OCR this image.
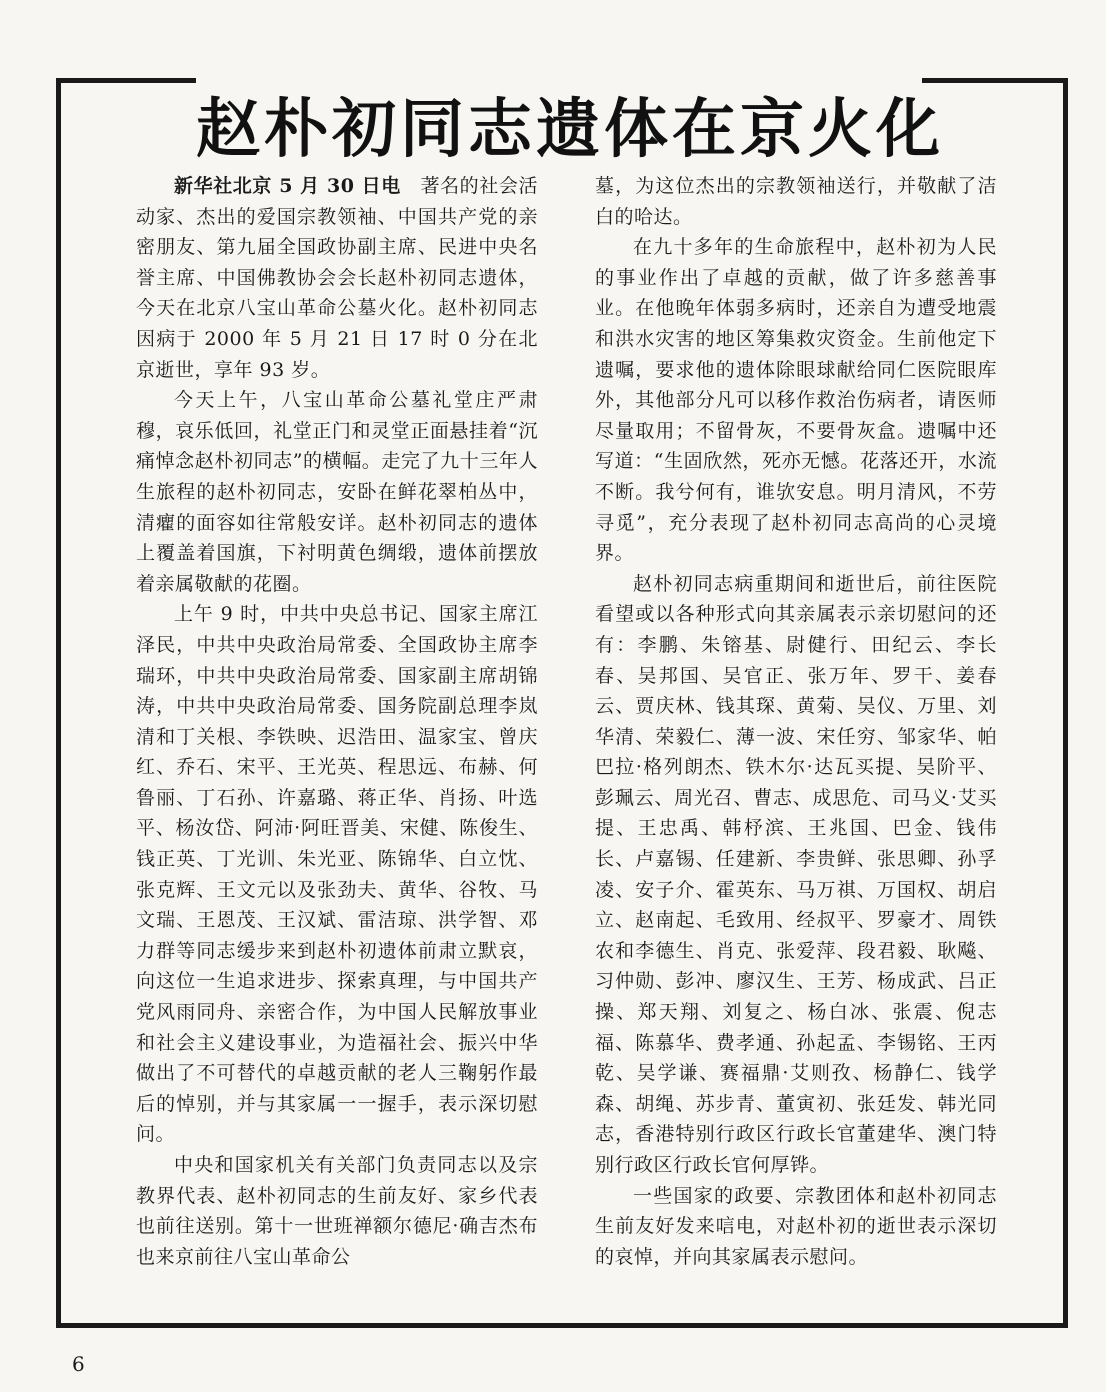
赵朴初同志遗体在京火化

新华社北京 5 月 30 日电　 著名的社会活动家、杰出的爱国宗教领袖、中国共产党的亲密朋友、第九届全国政协副主席、民进中央名誉主席、中国佛教协会会长赵朴初同志遗体，今天在北京八宝山革命公墓火化。赵朴初同志因病于 2000 年 5 月 21 日 17 时 0 分在北京逝世，享年 93 岁。

今天上午，八宝山革命公墓礼堂庄严肃穆，哀乐低回，礼堂正门和灵堂正面悬挂着“沉痛悼念赵朴初同志”的横幅。走完了九十三年人生旅程的赵朴初同志，安卧在鲜花翠柏丛中，清癯的面容如往常般安详。赵朴初同志的遗体上覆盖着国旗，下衬明黄色绸缎，遗体前摆放着亲属敬献的花圈。

上午 9 时，中共中央总书记、国家主席江泽民，中共中央政治局常委、全国政协主席李瑞环，中共中央政治局常委、国家副主席胡锦涛，中共中央政治局常委、国务院副总理李岚清和丁关根、李铁映、迟浩田、温家宝、曾庆红、乔石、宋平、王光英、程思远、布赫、何鲁丽、丁石孙、许嘉璐、蒋正华、肖扬、叶选平、杨汝岱、阿沛·阿旺晋美、宋健、陈俊生、钱正英、丁光训、朱光亚、陈锦华、白立忱、张克辉、王文元以及张劲夫、黄华、谷牧、马文瑞、王恩茂、王汉斌、雷洁琼、洪学智、邓力群等同志缓步来到赵朴初遗体前肃立默哀，向这位一生追求进步、探索真理，与中国共产党风雨同舟、亲密合作，为中国人民解放事业和社会主义建设事业，为造福社会、振兴中华做出了不可替代的卓越贡献的老人三鞠躬作最后的悼别，并与其家属一一握手，表示深切慰问。

中央和国家机关有关部门负责同志以及宗教界代表、赵朴初同志的生前友好、家乡代表也前往送别。第十一世班禅额尔德尼·确吉杰布也来京前往八宝山革命公

墓，为这位杰出的宗教领袖送行，并敬献了洁白的哈达。

在九十多年的生命旅程中，赵朴初为人民的事业作出了卓越的贡献，做了许多慈善事业。在他晚年体弱多病时，还亲自为遭受地震和洪水灾害的地区筹集救灾资金。生前他定下遗嘱，要求他的遗体除眼球献给同仁医院眼库外，其他部分凡可以移作救治伤病者，请医师尽量取用；不留骨灰，不要骨灰盒。遗嘱中还写道：“生固欣然，死亦无憾。花落还开，水流不断。我兮何有，谁欤安息。明月清风，不劳寻觅”，充分表现了赵朴初同志高尚的心灵境界。

赵朴初同志病重期间和逝世后，前往医院看望或以各种形式向其亲属表示亲切慰问的还有：李鹏、朱镕基、尉健行、田纪云、李长春、吴邦国、吴官正、张万年、罗干、姜春云、贾庆林、钱其琛、黄菊、吴仪、万里、刘华清、荣毅仁、薄一波、宋任穷、邹家华、帕巴拉·格列朗杰、铁木尔·达瓦买提、吴阶平、彭珮云、周光召、曹志、成思危、司马义·艾买提、王忠禹、韩杼滨、王兆国、巴金、钱伟长、卢嘉锡、任建新、李贵鲜、张思卿、孙孚凌、安子介、霍英东、马万祺、万国权、胡启立、赵南起、毛致用、经叔平、罗豪才、周铁农和李德生、肖克、张爱萍、段君毅、耿飚、习仲勋、彭冲、廖汉生、王芳、杨成武、吕正操、郑天翔、刘复之、杨白冰、张震、倪志福、陈慕华、费孝通、孙起孟、李锡铭、王丙乾、吴学谦、赛福鼎·艾则孜、杨静仁、钱学森、胡绳、苏步青、董寅初、张廷发、韩光同志，香港特别行政区行政长官董建华、澳门特别行政区行政长官何厚铧。

一些国家的政要、宗教团体和赵朴初同志生前友好发来唁电，对赵朴初的逝世表示深切的哀悼，并向其家属表示慰问。

6
